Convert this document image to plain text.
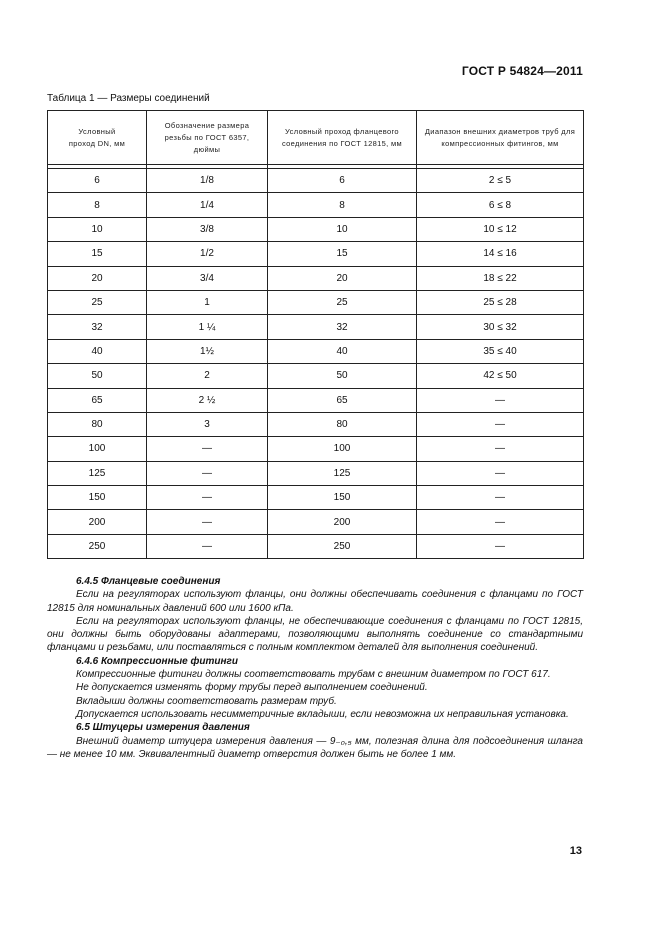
ГОСТ Р 54824—2011
Таблица 1 — Размеры соединений
Условный проход DN, мм	Обозначение размера резьбы по ГОСТ 6357, дюймы	Условный проход фланцевого соединения по ГОСТ 12815, мм	Диапазон внешних диаметров труб для компрессионных фитингов, мм

6	1/8	6	2 ≤ 5
8	1/4	8	6 ≤ 8
10	3/8	10	10 ≤ 12
15	1/2	15	14 ≤ 16
20	3/4	20	18 ≤ 22
25	1	25	25 ≤ 28
32	1 ¼	32	30 ≤ 32
40	1½	40	35 ≤ 40
50	2	50	42 ≤ 50
65	2 ½	65	—
80	3	80	—
100	—	100	—
125	—	125	—
150	—	150	—
200	—	200	—
250	—	250	—

6.4.5 Фланцевые соединения

Если на регуляторах используют фланцы, они должны обеспечивать соединения с фланцами по ГОСТ 12815 для номинальных давлений 600 или 1600 кПа.

Если на регуляторах используют фланцы, не обеспечивающие соединения с фланцами по ГОСТ 12815, они должны быть оборудованы адаптерами, позволяющими выполнять соединение со стандартными фланцами и резьбами, или поставляться с полным комплектом деталей для выполнения соединений.

6.4.6 Компрессионные фитинги

Компрессионные фитинги должны соответствовать трубам с внешним диаметром по ГОСТ 617.

Не допускается изменять форму трубы перед выполнением соединений.

Вкладыши должны соответствовать размерам труб.

Допускается использовать несимметричные вкладыши, если невозможна их неправильная установка.

6.5 Штуцеры измерения давления

Внешний диаметр штуцера измерения давления — 9₋₀,₅ мм, полезная длина для подсоединения шланга — не менее 10 мм. Эквивалентный диаметр отверстия должен быть не более 1 мм.

13
